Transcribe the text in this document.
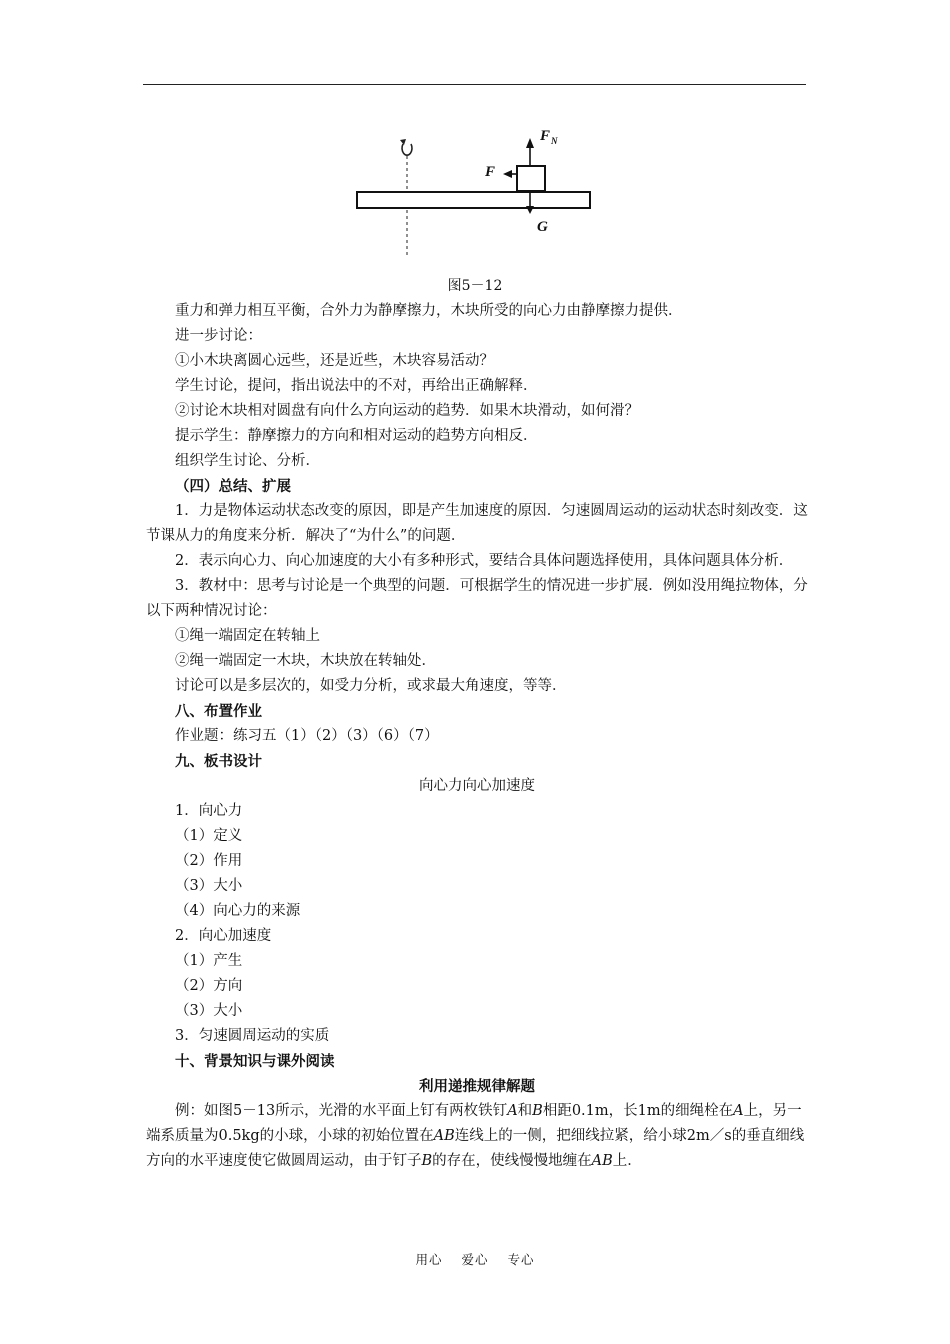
F N
F
G
图5－12

重力和弹力相互平衡，合外力为静摩擦力，木块所受的向心力由静摩擦力提供．

进一步讨论：

①小木块离圆心远些，还是近些，木块容易活动？

学生讨论，提问，指出说法中的不对，再给出正确解释．

②讨论木块相对圆盘有向什么方向运动的趋势．如果木块滑动，如何滑？

提示学生：静摩擦力的方向和相对运动的趋势方向相反．

组织学生讨论、分析．

（四）总结、扩展

1．力是物体运动状态改变的原因，即是产生加速度的原因．匀速圆周运动的运动状态时刻改变．这节课从力的角度来分析．解决了“为什么”的问题．

2．表示向心力、向心加速度的大小有多种形式，要结合具体问题选择使用，具体问题具体分析．

3．教材中：思考与讨论是一个典型的问题．可根据学生的情况进一步扩展．例如没用绳拉物体，分以下两种情况讨论：

①绳一端固定在转轴上

②绳一端固定一木块，木块放在转轴处．

讨论可以是多层次的，如受力分析，或求最大角速度，等等．

八、布置作业

作业题：练习五（1）（2）（3）（6）（7）

九、板书设计

向心力向心加速度

1．向心力

（1）定义

（2）作用

（3）大小

（4）向心力的来源

2．向心加速度

（1）产生

（2）方向

（3）大小

3．匀速圆周运动的实质

十、背景知识与课外阅读

利用递推规律解题

例：如图5－13所示，光滑的水平面上钉有两枚铁钉A和B相距0.1m，长1m的细绳栓在A上，另一端系质量为0.5kg的小球，小球的初始位置在AB连线上的一侧，把细线拉紧，给小球2m／s的垂直细线方向的水平速度使它做圆周运动，由于钉子B的存在，使线慢慢地缠在AB上．

用心 爱心 专心
